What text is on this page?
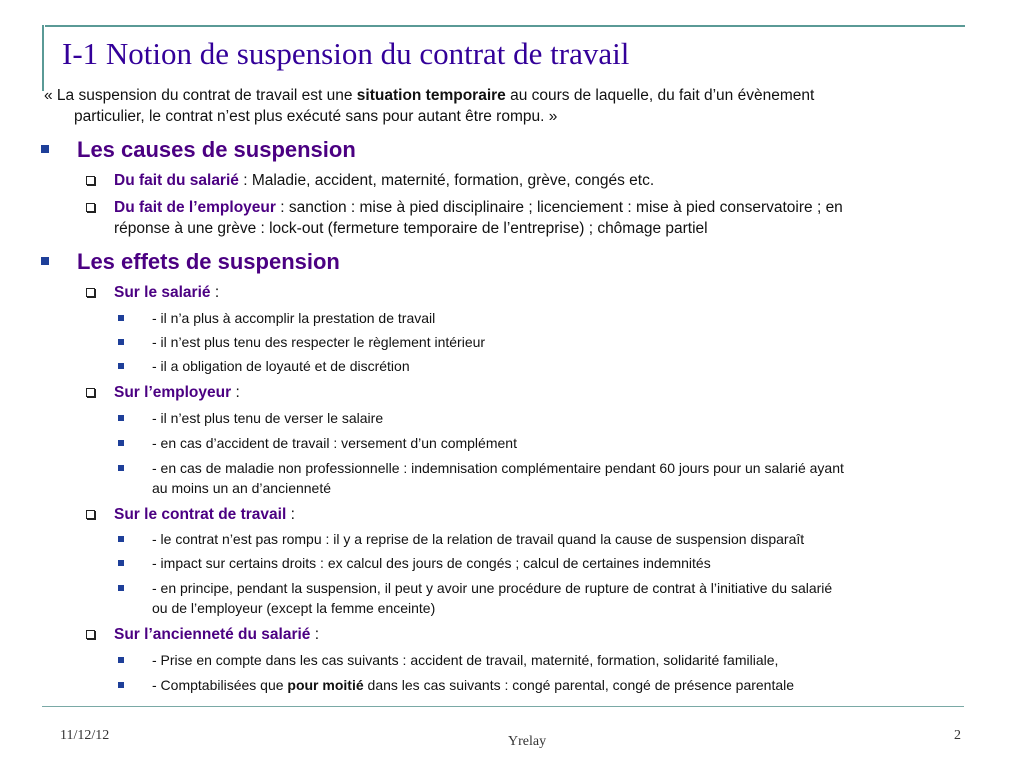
I-1 Notion de suspension du contrat de travail
« La suspension du contrat de travail est une situation temporaire au cours de laquelle, du fait d’un évènement
particulier, le contrat n’est plus exécuté sans pour autant être rompu. »
Les causes de suspension
Du fait du salarié : Maladie, accident, maternité, formation, grève, congés etc.
Du fait de l’employeur : sanction : mise à pied disciplinaire ; licenciement : mise à pied conservatoire ; en
réponse à une grève : lock-out (fermeture temporaire de l’entreprise) ; chômage partiel
Les effets de suspension
Sur le salarié :
- il n’a plus à accomplir la prestation de travail
- il n’est plus tenu des respecter le règlement intérieur
- il a obligation de loyauté et de discrétion
Sur l’employeur :
- il n’est plus tenu de verser le salaire
- en cas d’accident de travail : versement d’un complément
- en cas de maladie non professionnelle : indemnisation complémentaire pendant 60 jours pour un salarié ayant
au moins un an d’ancienneté
Sur le contrat de travail :
- le contrat n’est pas rompu : il y a reprise de la relation de travail quand la cause de suspension disparaît
- impact sur certains droits : ex calcul des jours de congés ; calcul de certaines indemnités
- en principe, pendant la suspension, il peut y avoir une procédure de rupture de contrat à l’initiative du salarié
ou de l’employeur (except la femme enceinte)
Sur l’ancienneté du salarié :
- Prise en compte dans les cas suivants : accident de travail, maternité, formation, solidarité familiale,
- Comptabilisées que pour moitié dans les cas suivants : congé parental, congé de présence parentale
11/12/12	Yrelay	2
